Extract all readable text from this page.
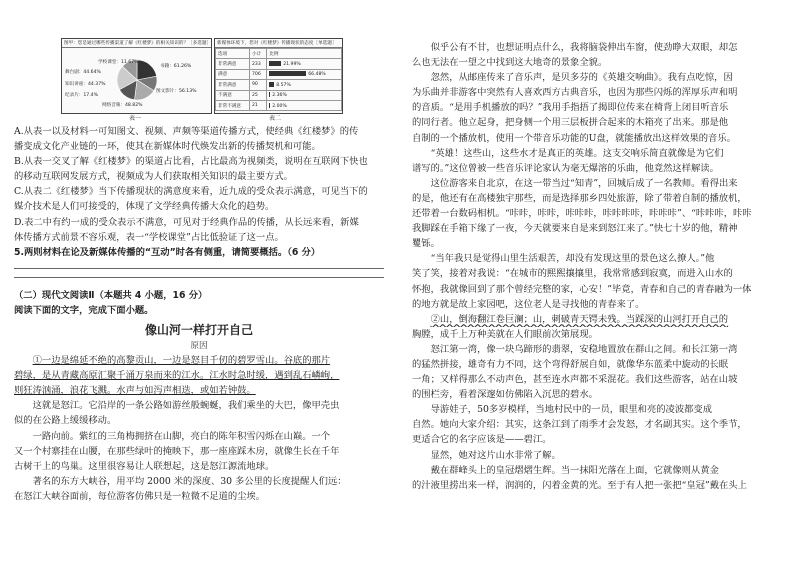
图甲：您是通过哪些传播渠道了解《红楼梦》的相关知识的？［多选题］
学校课堂：11.67%
书籍：61.26%
舞台剧：44.64%
知识讲座：44.37%
纪录片：17.4%
图文影片：56.13%
网络音频：48.82%
表一
新媒体环境下，您对《红楼梦》传播现状的态度［单选题］
选项	小计	比例
非常满意	233	21.99%
满意	706	66.48%
非常满意	90	8.57%
不满意	25	2.36%
非常不满意	21	2.00%
表二

A.从表一以及材料一可知图文、视频、声频等渠道传播方式，使经典《红楼梦》的传

播变成文化产业链的一环，使其在新媒体时代焕发出新的传播契机和可能。

B.从表一交叉了解《红楼梦》的渠道占比看，占比最高为视频类，说明在互联网下快也

的移动互联网发展方式，视频成为人们获取相关知识的最主要方式。

C.从表二《红楼梦》当下传播现状的满意度来看，近九成的受众表示满意，可见当下的

媒介技术是人们可接受的，体现了文学经典传播大众化的趋势。

D.表二中有约一成的受众表示不满意，可见对于经典作品的传播，从长远来看，新媒

体传播方式前景不容乐观，表一“学校课堂”占比低验证了这一点。

5.两则材料在论及新媒体传播的“互动”时各有侧重，请简要概括。（6 分）

（二）现代文阅读Ⅱ（本题共 4 小题，16 分）

阅读下面的文字，完成下面小题。

像山河一样打开自己
原因

①一边是绵延不绝的高黎贡山，一边是怒目千仞的碧罗雪山。谷底的那片

碧绿，是从青藏高原汇聚千涌万泉而来的江水。江水时急时缓，遇到乱石嶙峋，

则狂涛汹涌，浪花飞溅。水声与如泻声相迭，或如若钟鼓。

这就是怒江。它沿岸的一条公路如游丝般蜿蜒，我们乘坐的大巴，像甲壳虫

似的在公路上缓缓移动。

一路向前。紫红的三角梅拥挤在山脚，亮白的陈年积雪闪烁在山巅。一个

又一个村寨挂在山腰，在那些绿叶的掩映下，那一座座踩木房，就像生长在千年

古树干上的鸟巢。这里很容易让人联想起，这是怒江源流地球。

著名的东方大峡谷，用平均 2000 米的深度、30 多公里的长度提醒人们远：

在怒江大峡谷面前，每位游客仿佛只是一粒微不足道的尘埃。

似乎公有不甘，也想证明点什么，我将脑袋伸出车窗，使劲睁大双眼，却怎

么也无法在一望之中找到这大地奇的景象全貌。

忽然，从邮座传来了音乐声，是贝多芬的《英雄交响曲》。我有点吃惊，因

为乐曲并非游客中突然有人喜欢西方古典音乐，也因为那些闪烁的浑厚乐声和明

的音质。“是用手机播放的吗？”我用手指捂了揭即位传来在椅背上闭目听音乐

的同行者。他立起身，把身侧一个用三层板拼合起来的木箱亮了出来。那是他

自制的一个播放机，使用一个带音乐功能的U盘，就能播放出这样效果的音乐。

“英雄！这些山，这些水才是真正的英雄。这支交响乐简直就像是为它们

谱写的。”这位曾被一些音乐评论家认为毫无爆溶的乐曲，他竟然这样解读。

这位游客来自北京，在这一带当过“知青”，回城后成了一名教师。看得出来

的是，他还有在高楼独宇那些，而是选择那乡四处旅游，除了带着自制的播放机，

还带着一台数码相机。“咔咔，咔咔，咔咔咔，咔咔咔咔，咔咔咔”、“咔咔咔，咔咔

我脚踩在手箱下缘了一夜，今天就要来自是来到怒江来了。”快七十岁的他，精神

矍铄。

“当年我只是觉得山里生活艰苦，却没有发现这里的景色这么撩人。”他

笑了笑，接着对我说：“在城市的熙熙攘攘里，我常常感到寂寞，而进入山水的

怀抱，我就像回到了那个曾经完整的家，心安！”毕竟，青春和自己的青春融为一体

的地方就是故上家园吧，这位老人是寻找他的青春来了。

②山，倒海翻江卷巨澜；山，刺破青天锷未残。当踩深的山河打开自己的

胸膛，成千上万种美就在人们眼前次第展现。

怒江第一湾，像一块乌蹄形的翡翠，安稳地置放在群山之间。和长江第一湾

的猛然拼接，雄奇有力不同，这个弯得舒展自如，就像华东蓝柔中旋动的长眠

一角；又样得那么不动声色，甚至连水声都不采混花。我们这些游客，站在山坡

的围栏旁，看着深邃如仿佛陷入沉思的碧水。

导游娃子，50多岁模样，当地村民中的一员，眼里和亮的凌波都变成

自然。她向大家介绍：其实，这条江到了雨季才会发怒，才名副其实。这个季节，

更适合它的名字应该是——碧江。

显然，她对这片山水非常了解。

戴在群峰头上的皇冠熠熠生辉。当一抹阳光落在上面，它就像则从黄金

的汁液里捞出来一样，润润的，闪着金黄的光。至于有人把一张把“皇冠”戴在头上
